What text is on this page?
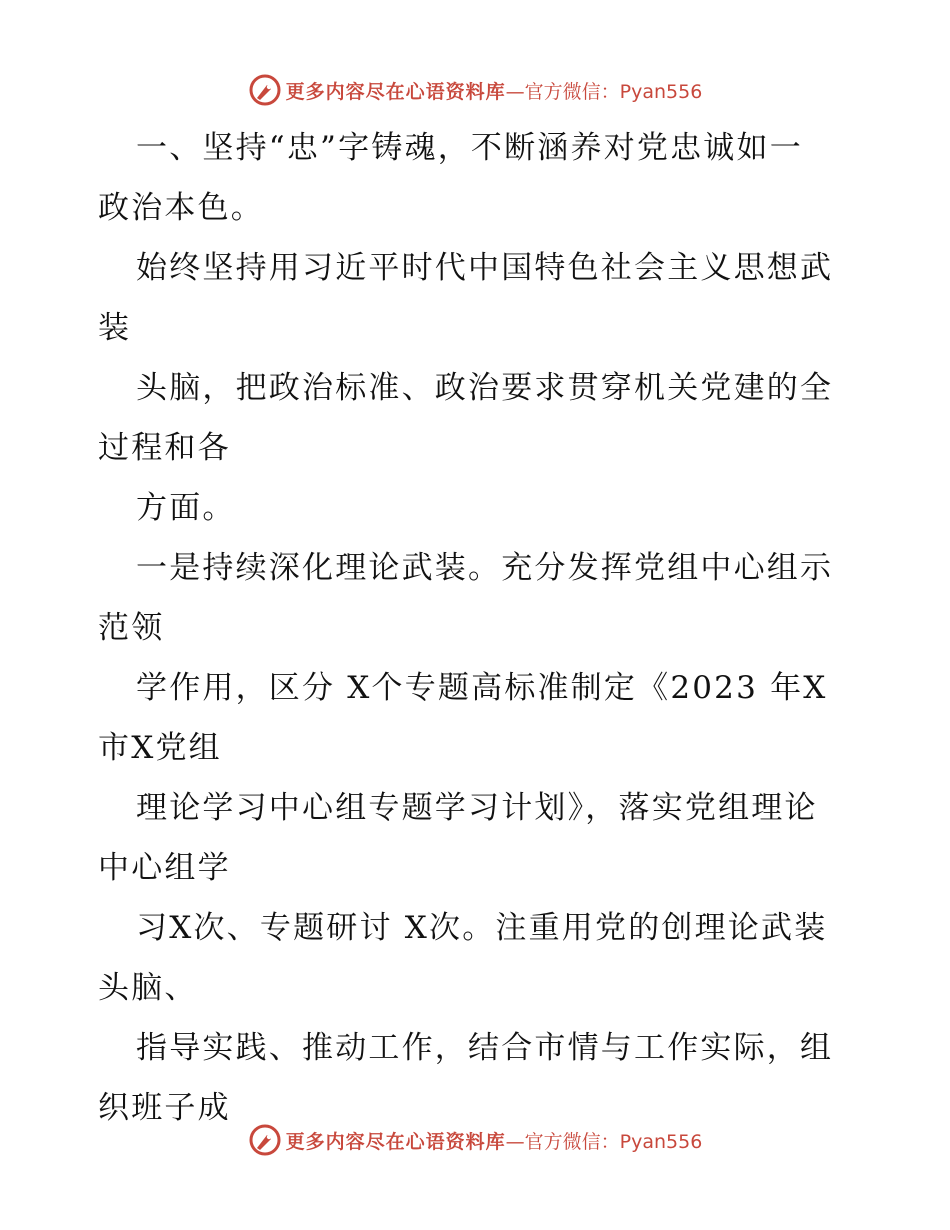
更多内容尽在心语资料库 —官方微信：Pyan556
一、坚持“忠”字铸魂，不断涵养对党忠诚如一
政治本色。
始终坚持用习近平时代中国特色社会主义思想武
装
头脑，把政治标准、政治要求贯穿机关党建的全
过程和各
方面。
一是持续深化理论武装。充分发挥党组中心组示
范领
学作用，区分 X个专题高标准制定《2023 年X
市X党组
理论学习中心组专题学习计划》，落实党组理论
中心组学
习X次、专题研讨 X次。注重用党的创理论武装
头脑、
指导实践、推动工作，结合市情与工作实际，组
织班子成
更多内容尽在心语资料库 —官方微信：Pyan556
